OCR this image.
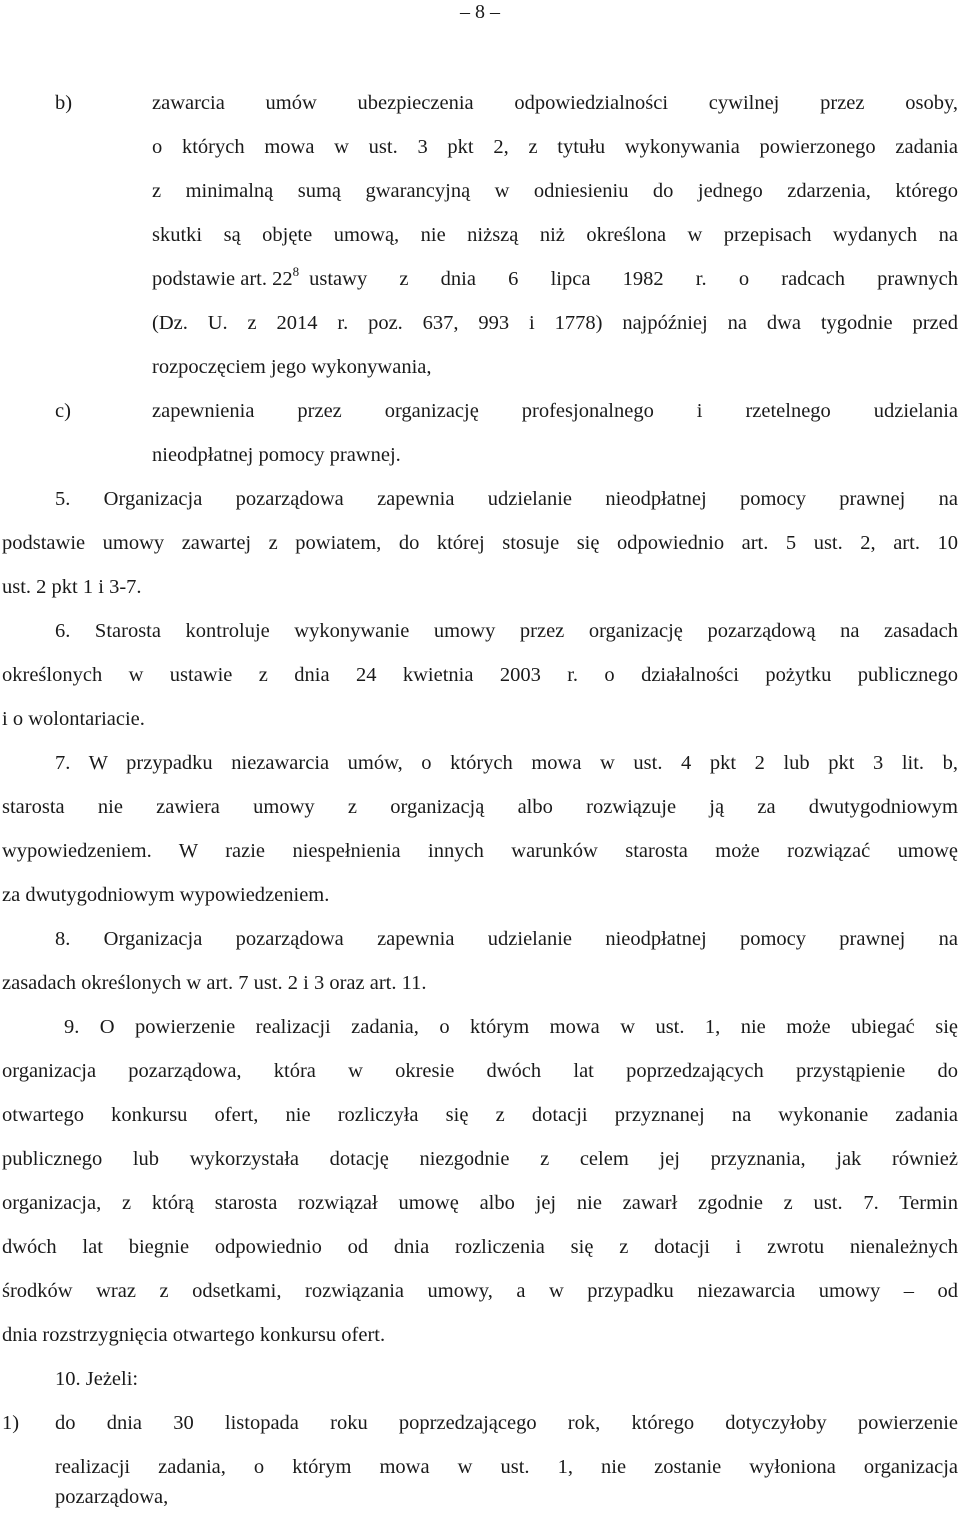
– 8 –
b)	zawarcia umów ubezpieczenia odpowiedzialności cywilnej przez osoby,
o których mowa w ust. 3 pkt 2, z tytułu wykonywania powierzonego zadania
z minimalną sumą gwarancyjną w odniesieniu do jednego zdarzenia, którego
skutki są objęte umową, nie niższą niż określona w przepisach wydanych na
podstawie art. $22^8$ ustawy z dnia 6 lipca 1982 r. o radcach prawnych
(Dz. U. z 2014 r. poz. 637, 993 i 1778) najpóźniej na dwa tygodnie przed
rozpoczęciem jego wykonywania,
c)	zapewnienia przez organizację profesjonalnego i rzetelnego udzielania
nieodpłatnej pomocy prawnej.
5. Organizacja pozarządowa zapewnia udzielanie nieodpłatnej pomocy prawnej na
podstawie umowy zawartej z powiatem, do której stosuje się odpowiednio art. 5 ust. 2, art. 10
ust. 2 pkt 1 i 3-7.
6. Starosta kontroluje wykonywanie umowy przez organizację pozarządową na zasadach
określonych w ustawie z dnia 24 kwietnia 2003 r. o działalności pożytku publicznego
i o wolontariacie.
7. W przypadku niezawarcia umów, o których mowa w ust. 4 pkt 2 lub pkt 3 lit. b,
starosta nie zawiera umowy z organizacją albo rozwiązuje ją za dwutygodniowym
wypowiedzeniem. W razie niespełnienia innych warunków starosta może rozwiązać umowę
za dwutygodniowym wypowiedzeniem.
8. Organizacja pozarządowa zapewnia udzielanie nieodpłatnej pomocy prawnej na
zasadach określonych w art. 7 ust. 2 i 3 oraz art. 11.
9. O powierzenie realizacji zadania, o którym mowa w ust. 1, nie może ubiegać się
organizacja pozarządowa, która w okresie dwóch lat poprzedzających przystąpienie do
otwartego konkursu ofert, nie rozliczyła się z dotacji przyznanej na wykonanie zadania
publicznego lub wykorzystała dotację niezgodnie z celem jej przyznania, jak również
organizacja, z którą starosta rozwiązał umowę albo jej nie zawarł zgodnie z ust. 7. Termin
dwóch lat biegnie odpowiednio od dnia rozliczenia się z dotacji i zwrotu nienależnych
środków wraz z odsetkami, rozwiązania umowy, a w przypadku niezawarcia umowy – od
dnia rozstrzygnięcia otwartego konkursu ofert.
10. Jeżeli:
1) do dnia 30 listopada roku poprzedzającego rok, którego dotyczyłoby powierzenie
realizacji zadania, o którym mowa w ust. 1, nie zostanie wyłoniona organizacja
pozarządowa,
